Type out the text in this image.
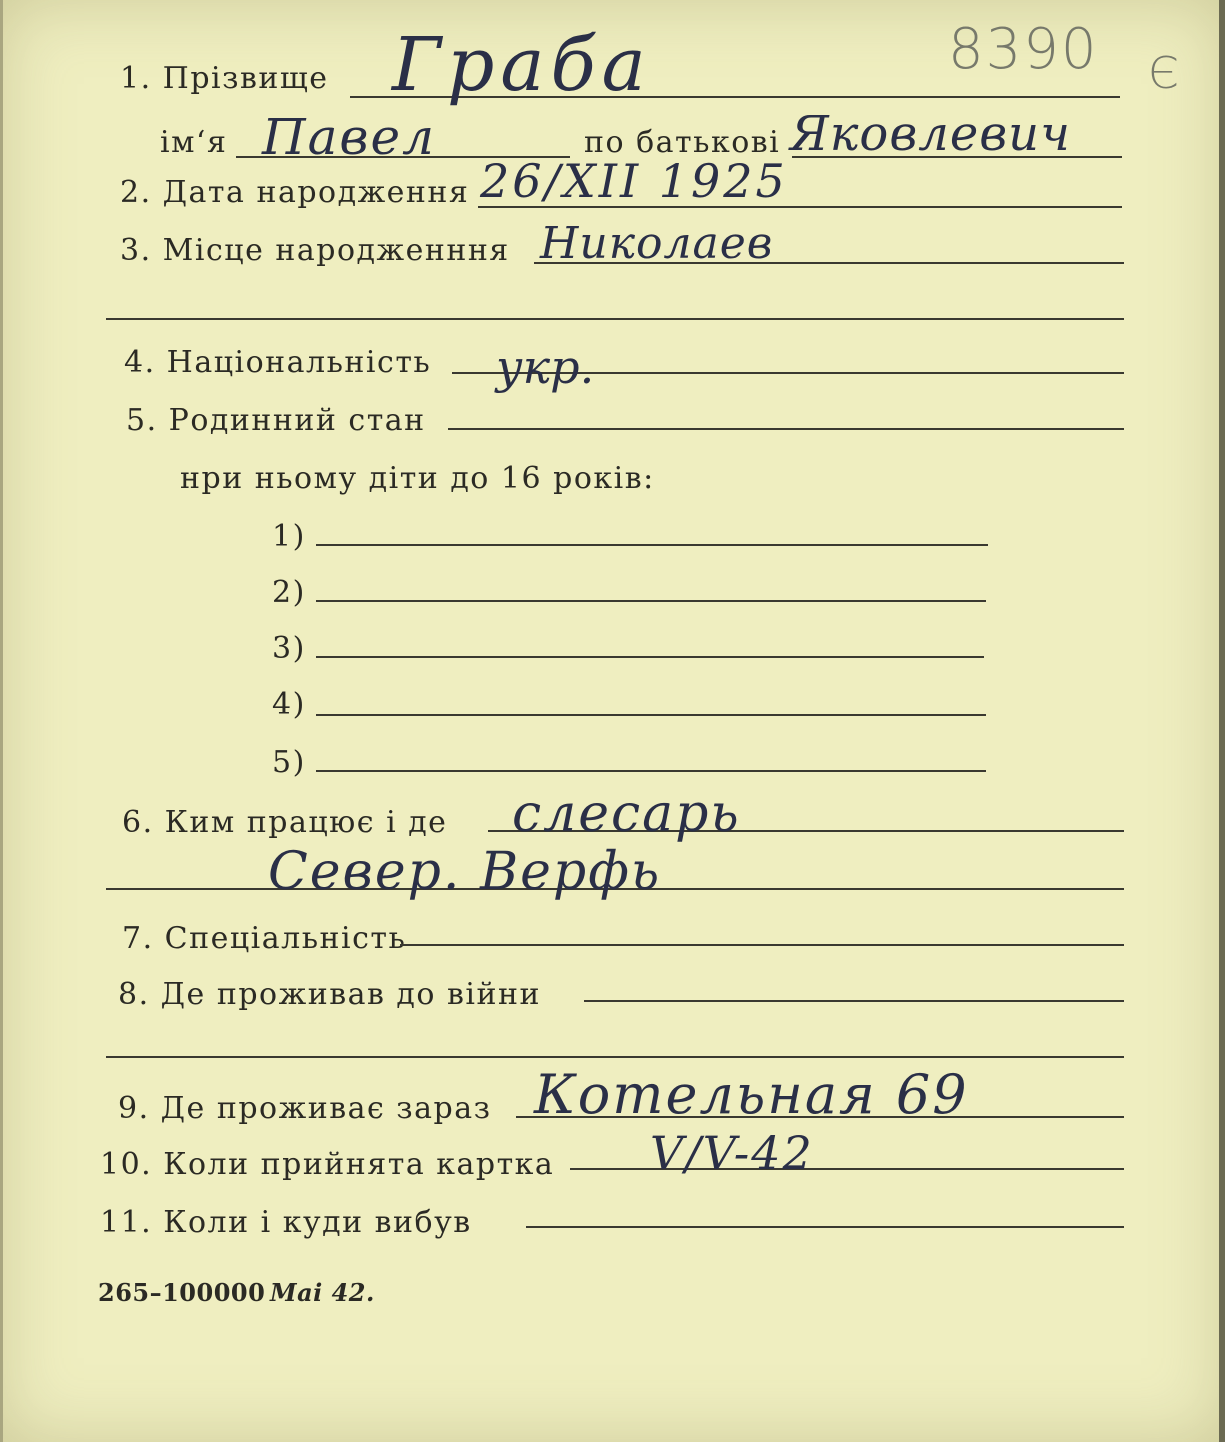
8390 Є
1. Прізвище Граба
ім‘я Павел	по батькові Яковлевич
2. Дата народження 26/XII 1925
3. Місце народженння Николаев
4. Національність укр.
5. Родинний стан
нри ньому діти до 16 років:
1)
2)
3)
4)
5)
6. Ким працює і де слесарь
Север. Верфь
7. Спеціальність
8. Де проживав до війни
9. Де проживає зараз Котельная 69
10. Коли прийнята картка V/V-42
11. Коли і куди вибув
265–100000 Маі 42.
